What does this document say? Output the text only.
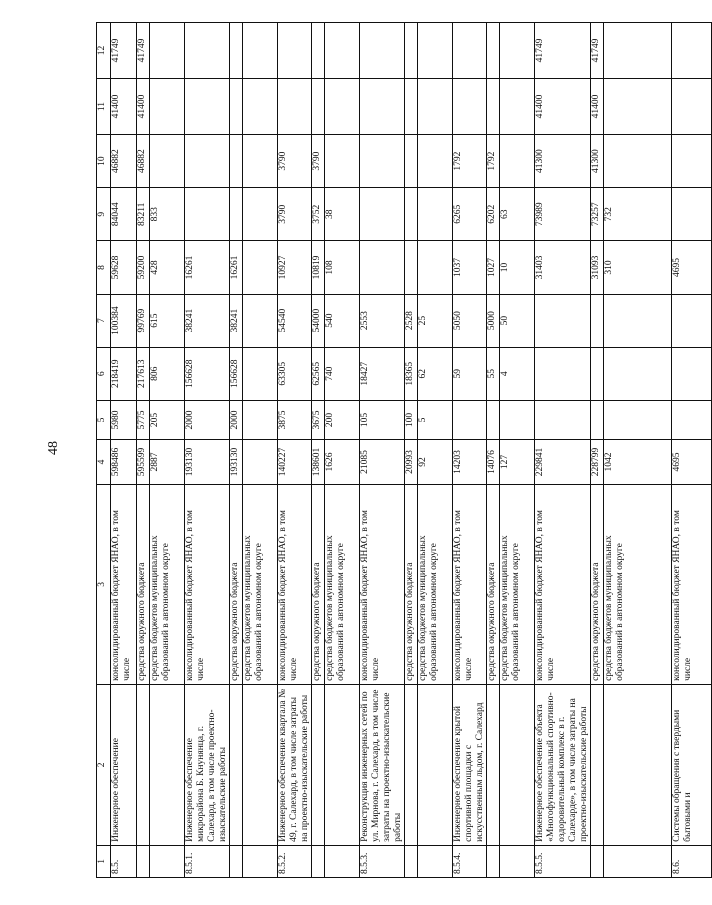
48
1	2	3	4	5	6	7	8	9	10	11	12
8.5.	Инженерное обеспечение	консолидированный бюджет ЯНАО, в том числе	598486	5980	218419	100384	59628	84044	46882	41400	41749
		средства окружного бюджета	595599	5775	217613	99769	59200	83211	46882	41400	41749
		средства бюджетов муниципальных образований в автономном округе	2887	205	806	615	428	833			
8.5.1.	Инженерное обеспечение микрорайона Б. Кнунянца, г. Салехард, в том числе проектно-изыскательские работы	консолидированный бюджет ЯНАО, в том числе	193130	2000	156628	38241	16261				
		средства окружного бюджета	193130	2000	156628	38241	16261				
		средства бюджетов муниципальных образований в автономном округе									
8.5.2.	Инженерное обеспечение квартала № 49, г. Салехард, в том числе затраты на проектно-изыскательские работы	консолидированный бюджет ЯНАО, в том числе	140227	3875	63305	54540	10927	3790	3790		
		средства окружного бюджета	138601	3675	62565	54000	10819	3752	3790		
		средства бюджетов муниципальных образований в автономном округе	1626	200	740	540	108	38			
8.5.3.	Реконструкция инженерных сетей по ул. Мирнова, г. Салехард, в том числе затраты на проектно-изыскательские работы	консолидированный бюджет ЯНАО, в том числе	21085	105	18427	2553					
		средства окружного бюджета	20993	100	18365	2528					
		средства бюджетов муниципальных образований в автономном округе	92	5	62	25					
8.5.4.	Инженерное обеспечение крытой спортивной площадки с искусственным льдом, г. Салехард	консолидированный бюджет ЯНАО, в том числе	14203		59	5050	1037	6265	1792		
		средства окружного бюджета	14076		55	5000	1027	6202	1792		
		средства бюджетов муниципальных образований в автономном округе	127		4	50	10	63			
8.5.5.	Инженерное обеспечение объекта «Многофункциональный спортивно-оздоровительный комплекс в г. Салехарде», в том числе затраты на проектно-изыскательские работы	консолидированный бюджет ЯНАО, в том числе	229841				31403	73989	41300	41400	41749
		средства окружного бюджета	228799				31093	73257	41300	41400	41749
		средства бюджетов муниципальных образований в автономном округе	1042				310	732			
8.6.	Системы обращения с твердыми бытовыми и	консолидированный бюджет ЯНАО, в том числе	4695				4695				
